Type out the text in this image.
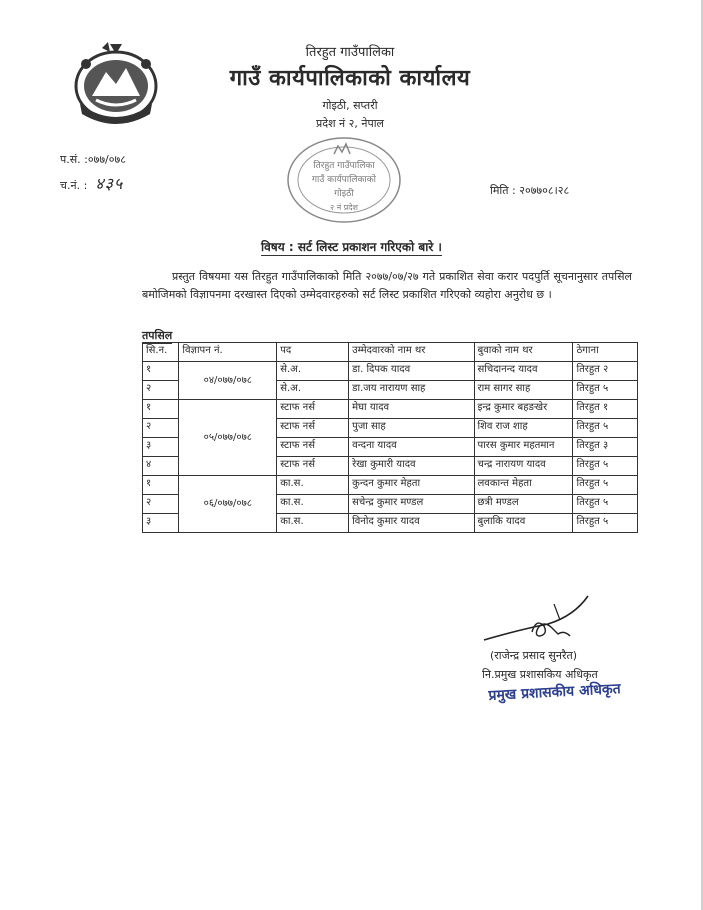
तिरहुत गाउँपालिका
गाउँ कार्यपालिकाको कार्यालय
गोइठी, सप्तरी
प्रदेश नं २, नेपाल
प.सं. :०७७/०७८
च.नं. : ४३५
तिरहुत गाउँपालिका
गाउँ कार्यपालिकाको
गोइठी
२ नं प्रदेश
मिति : २०७७०८।२८
विषय : सर्ट लिस्ट प्रकाशन गरिएको बारे ।
प्रस्तुत विषयमा यस तिरहुत गाउँपालिकाको मिति २०७७/०७/२७ गते प्रकाशित सेवा करार पदपुर्ति सूचनानुसार तपसिल बमोजिमको विज्ञापनमा दरखास्त दिएको उम्मेदवारहरुको सर्ट लिस्ट प्रकाशित गरिएको व्यहोरा अनुरोध छ ।
तपसिल
सि.न.	विज्ञापन नं.	पद	उम्मेदवारको नाम थर	बुवाको नाम थर	ठेगाना
१	०४/०७७/०७८	से.अ.	डा. दिपक यादव	सचिदानन्द यादव	तिरहुत २
२		से.अ.	डा.जय नारायण साह	राम सागर साह	तिरहुत ५
१	०५/०७७/०७८	स्टाफ नर्स	मेघा यादव	इन्द्र कुमार बहङखेर	तिरहुत १
२		स्टाफ नर्स	पुजा साह	शिव राज शाह	तिरहुत ५
३		स्टाफ नर्स	वन्दना यादव	पारस कुमार महतमान	तिरहुत ३
४		स्टाफ नर्स	रेखा कुमारी यादव	चन्द्र नारायण यादव	तिरहुत ५
१	०६/०७७/०७८	का.स.	कुन्दन कुमार मेहता	लवकान्त मेहता	तिरहुत ५
२		का.स.	सचेन्द्र कुमार मण्डल	छत्री मण्डल	तिरहुत ५
३		का.स.	विनोद कुमार यादव	बुलाकि यादव	तिरहुत ५
(राजेन्द्र प्रसाद सुनरैत)
नि.प्रमुख प्रशासकिय अधिकृत
प्रमुख प्रशासकीय अधिकृत
